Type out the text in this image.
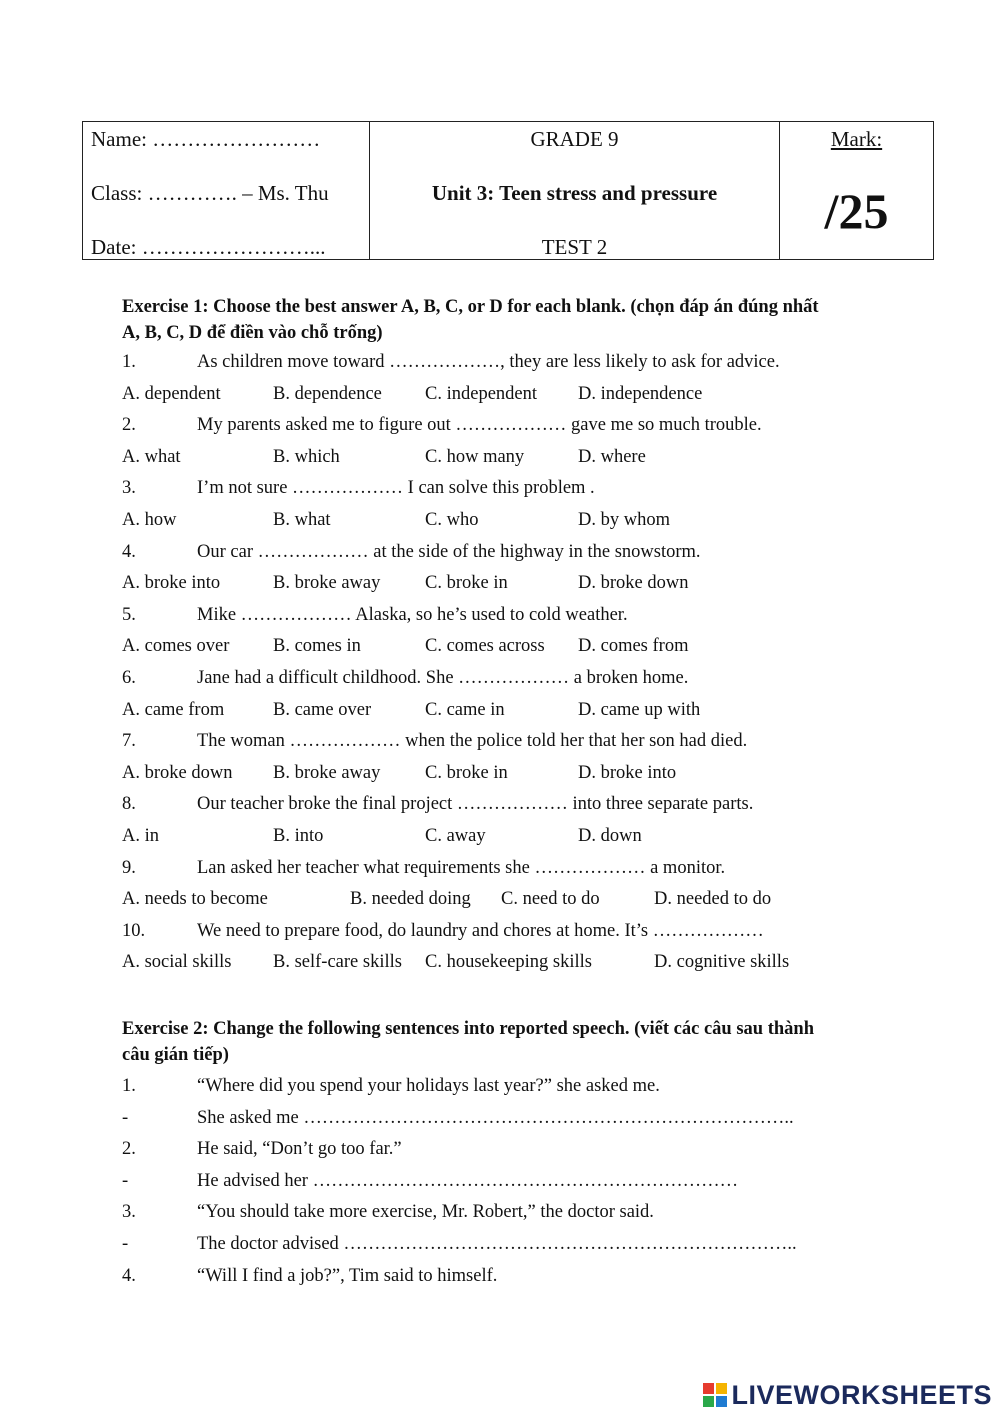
Name: ……………………
Class: …………. – Ms. Thu
Date: ……………………...

GRADE 9
Unit 3: Teen stress and pressure
TEST 2

Mark:
/25
Exercise 1: Choose the best answer A, B, C, or D for each blank. (chọn đáp án đúng nhất
A, B, C, D để điền vào chỗ trống)
1.	As children move toward ………………, they are less likely to ask for advice.
A. dependent	B. dependence C. independent D. independence
2.	My parents asked me to figure out ……………… gave me so much trouble.
A. what	B. which	C. how many	D. where
3.	I’m not sure ……………… I can solve this problem .
A. how	B. what	C. who	D. by whom
4.	Our car ……………… at the side of the highway in the snowstorm.
A. broke into	B. broke away C. broke in	D. broke down
5.	Mike ……………… Alaska, so he’s used to cold weather.
A. comes over B. comes in	C. comes across D. comes from
6.	Jane had a difficult childhood. She ……………… a broken home.
A. came from	B. came over	C. came in	D. came up with
7.	The woman ……………… when the police told her that her son had died.
A. broke down B. broke away C. broke in	D. broke into
8.	Our teacher broke the final project ……………… into three separate parts.
A. in	B. into	C. away	D. down
9.	Lan asked her teacher what requirements she ……………… a monitor.
A. needs to become	B. needed doing C. need to do	D. needed to do
10.	We need to prepare food, do laundry and chores at home. It’s ………………
A. social skills B. self-care skills C. housekeeping skills	D. cognitive skills
Exercise 2: Change the following sentences into reported speech. (viết các câu sau thành
câu gián tiếp)
1.	“Where did you spend your holidays last year?” she asked me.
-	She asked me ……………………………………………………………………..
2.	He said, “Don’t go too far.”
-	He advised her ……………………………………………………………
3.	“You should take more exercise, Mr. Robert,” the doctor said.
-	The doctor advised ………………………………………………………………..
4.	“Will I find a job?”, Tim said to himself.
LIVEWORKSHEETS
